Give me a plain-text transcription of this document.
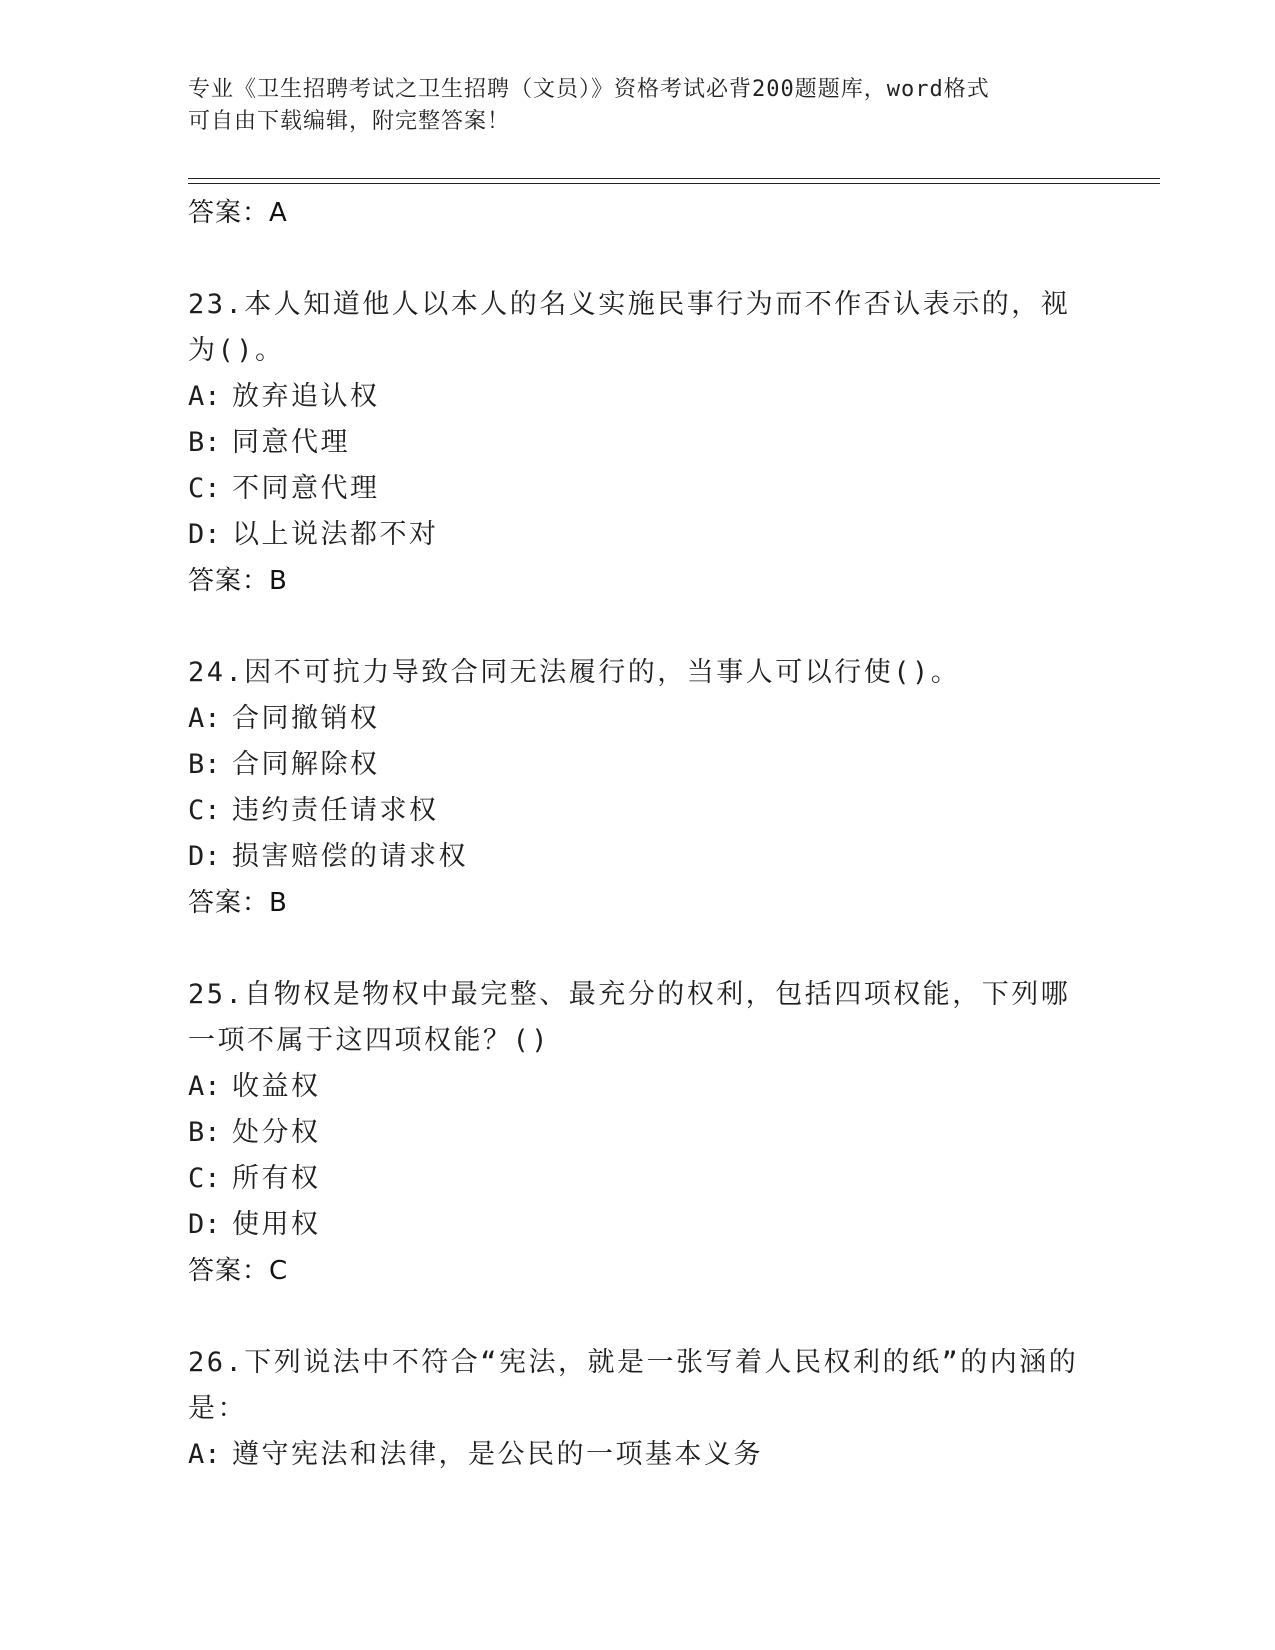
专业《卫生招聘考试之卫生招聘（文员）》资格考试必背200题题库，word格式
可自由下载编辑，附完整答案！
答案：A

23.本人知道他人以本人的名义实施民事行为而不作否认表示的，视为()。

A: 放弃追认权
B: 同意代理
C: 不同意代理
D: 以上说法都不对
答案：B

24.因不可抗力导致合同无法履行的，当事人可以行使()。

A: 合同撤销权
B: 合同解除权
C: 违约责任请求权
D: 损害赔偿的请求权
答案：B

25.自物权是物权中最完整、最充分的权利，包括四项权能，下列哪一项不属于这四项权能？()

A: 收益权
B: 处分权
C: 所有权
D: 使用权
答案：C

26.下列说法中不符合“宪法，就是一张写着人民权利的纸”的内涵的是：

A: 遵守宪法和法律，是公民的一项基本义务
